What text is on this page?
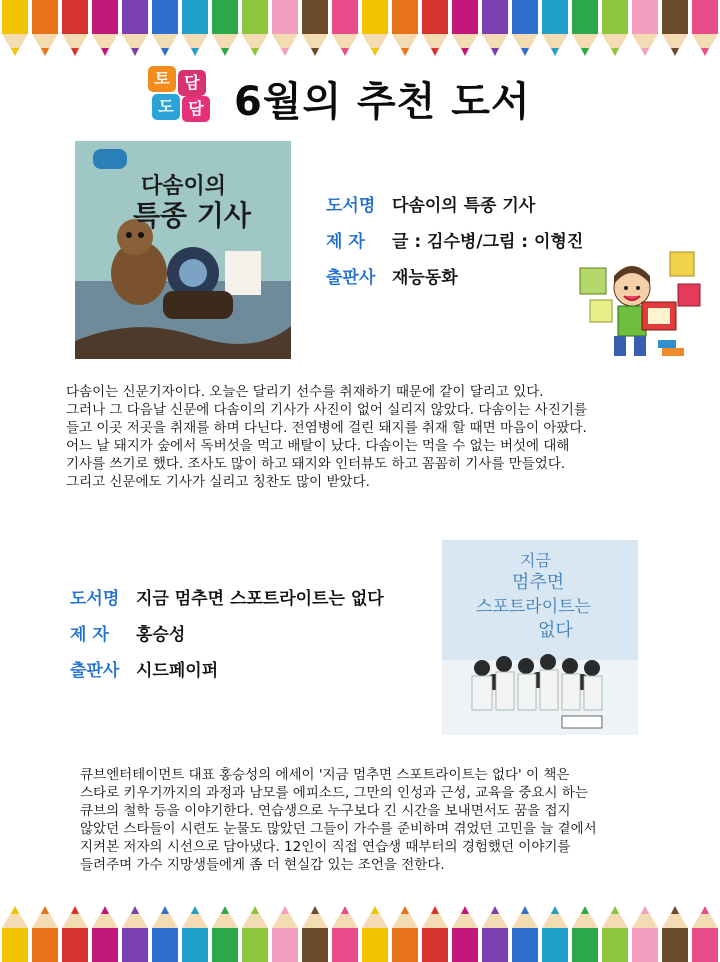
토 담
도 담 6월의 추천 도서
다솜이의
특종 기사	도서명 다솜이의 특종 기사
제 자 글 : 김수병/그림 : 이형진
출판사 재능동화
다솜이는 신문기자이다. 오늘은 달리기 선수를 취재하기 때문에 같이 달리고 있다.
그러나 그 다음날 신문에 다솜이의 기사가 사진이 없어 실리지 않았다. 다솜이는 사진기를
들고 이곳 저곳을 취재를 하며 다닌다. 전염병에 걸린 돼지를 취재 할 때면 마음이 아팠다.
어느 날 돼지가 숲에서 독버섯을 먹고 배탈이 났다. 다솜이는 먹을 수 없는 버섯에 대해
기사를 쓰기로 했다. 조사도 많이 하고 돼지와 인터뷰도 하고 꼼꼼히 기사를 만들었다.
그리고 신문에도 기사가 실리고 칭찬도 많이 받았다.
도서명 지금 멈추면 스포트라이트는 없다
제 자 홍승성
출판사 시드페이퍼
지금
멈추면
스포트라이트는
없다
큐브엔터테이먼트 대표 홍승성의 에세이 '지금 멈추면 스포트라이트는 없다' 이 책은
스타로 키우기까지의 과정과 남모를 에피소드, 그만의 인성과 근성, 교육을 중요시 하는
큐브의 철학 등을 이야기한다. 연습생으로 누구보다 긴 시간을 보내면서도 꿈을 접지
않았던 스타들이 시련도 눈물도 많았던 그들이 가수를 준비하며 겪었던 고민을 늘 곁에서
지켜본 저자의 시선으로 담아냈다. 12인이 직접 연습생 때부터의 경험했던 이야기를
들려주며 가수 지망생들에게 좀 더 현실감 있는 조언을 전한다.
